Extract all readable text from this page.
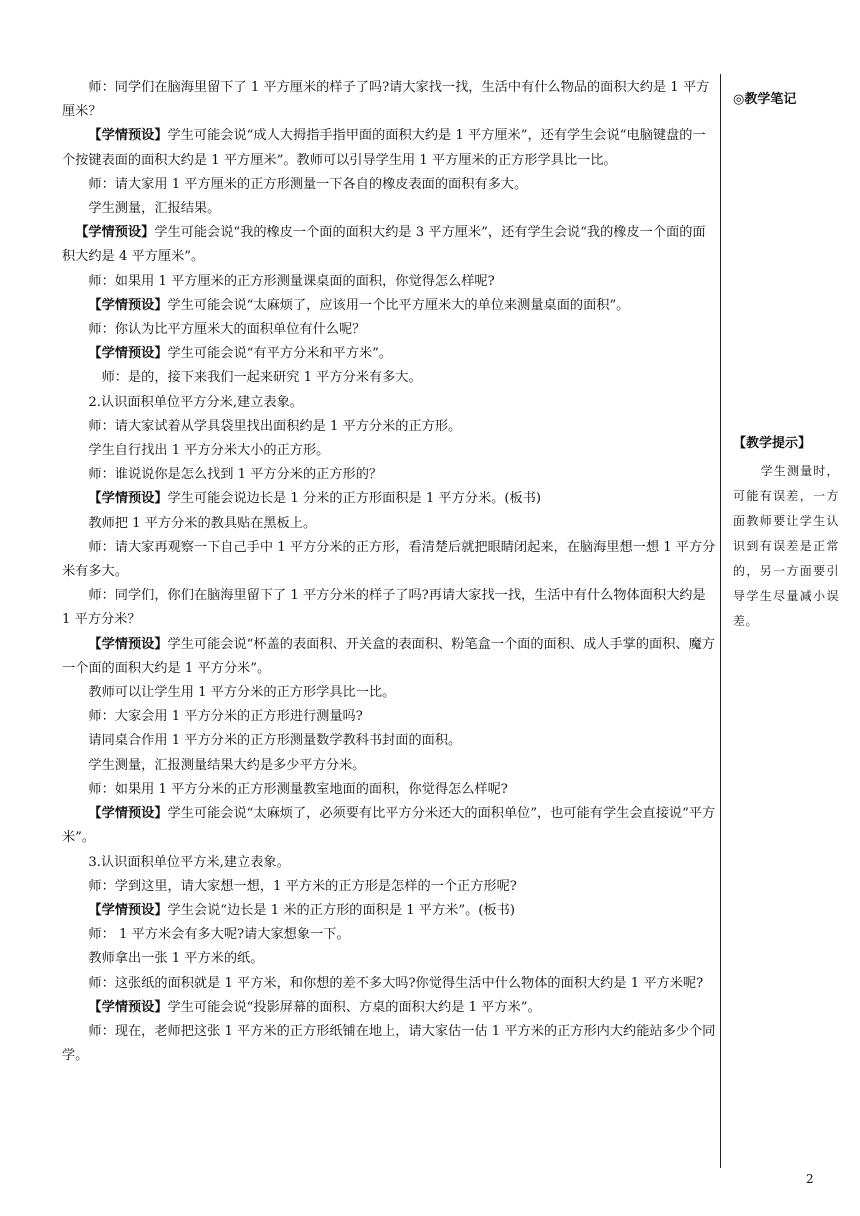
师：同学们在脑海里留下了 1 平方厘米的样子了吗?请大家找一找，生活中有什么物品的面积大约是 1 平方厘米？

【学情预设】学生可能会说“成人大拇指手指甲面的面积大约是 1 平方厘米”，还有学生会说“电脑键盘的一个按键表面的面积大约是 1 平方厘米”。教师可以引导学生用 1 平方厘米的正方形学具比一比。

师：请大家用 1 平方厘米的正方形测量一下各自的橡皮表面的面积有多大。

学生测量，汇报结果。

【学情预设】学生可能会说“我的橡皮一个面的面积大约是 3 平方厘米”，还有学生会说“我的橡皮一个面的面积大约是 4 平方厘米”。

师：如果用 1 平方厘米的正方形测量课桌面的面积，你觉得怎么样呢?

【学情预设】学生可能会说“太麻烦了，应该用一个比平方厘米大的单位来测量桌面的面积”。

师：你认为比平方厘米大的面积单位有什么呢？

【学情预设】学生可能会说“有平方分米和平方米”。

师：是的，接下来我们一起来研究 1 平方分米有多大。

2.认识面积单位平方分米,建立表象。

师：请大家试着从学具袋里找出面积约是 1 平方分米的正方形。

学生自行找出 1 平方分米大小的正方形。

师：谁说说你是怎么找到 1 平方分米的正方形的？

【学情预设】学生可能会说边长是 1 分米的正方形面积是 1 平方分米。(板书)

教师把 1 平方分米的教具贴在黑板上。

师：请大家再观察一下自己手中 1 平方分米的正方形，看清楚后就把眼睛闭起来，在脑海里想一想 1 平方分米有多大。

师：同学们，你们在脑海里留下了 1 平方分米的样子了吗?再请大家找一找，生活中有什么物体面积大约是 1 平方分米？

【学情预设】学生可能会说“杯盖的表面积、开关盒的表面积、粉笔盒一个面的面积、成人手掌的面积、魔方一个面的面积大约是 1 平方分米”。

教师可以让学生用 1 平方分米的正方形学具比一比。

师：大家会用 1 平方分米的正方形进行测量吗?

请同桌合作用 1 平方分米的正方形测量数学教科书封面的面积。

学生测量，汇报测量结果大约是多少平方分米。

师：如果用 1 平方分米的正方形测量教室地面的面积，你觉得怎么样呢?

【学情预设】学生可能会说“太麻烦了，必须要有比平方分米还大的面积单位”，也可能有学生会直接说“平方米”。

3.认识面积单位平方米,建立表象。

师：学到这里，请大家想一想，1 平方米的正方形是怎样的一个正方形呢?

【学情预设】学生会说“边长是 1 米的正方形的面积是 1 平方米”。(板书)

师： 1 平方米会有多大呢?请大家想象一下。

教师拿出一张 1 平方米的纸。

师：这张纸的面积就是 1 平方米，和你想的差不多大吗?你觉得生活中什么物体的面积大约是 1 平方米呢?

【学情预设】学生可能会说“投影屏幕的面积、方桌的面积大约是 1 平方米”。

师：现在，老师把这张 1 平方米的正方形纸铺在地上，请大家估一估 1 平方米的正方形内大约能站多少个同学。

◎教学笔记

【教学提示】
学生测量时，可能有误差，一方面教师要让学生认识到有误差是正常的，另一方面要引导学生尽量减小误差。
2
